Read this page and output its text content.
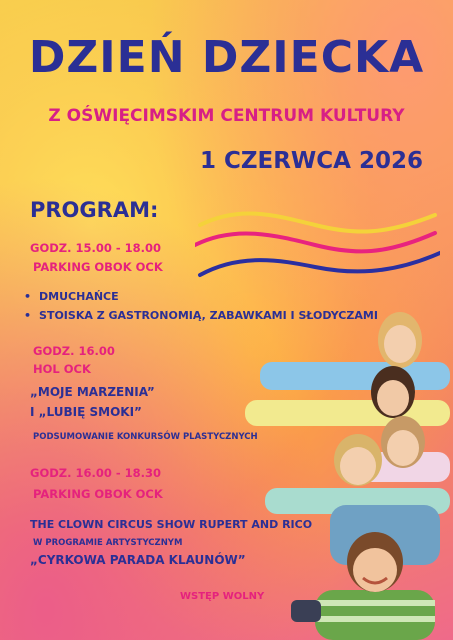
DZIEŃ DZIECKA
Z OŚWIĘCIMSKIM CENTRUM KULTURY
1 CZERWCA 2026
PROGRAM:
GODZ. 15.00 - 18.00
PARKING OBOK OCK
• DMUCHAŃCE
• STOISKA Z GASTRONOMIĄ, ZABAWKAMI I SŁODYCZAMI
GODZ. 16.00
HOL OCK
„MOJE MARZENIA”
I „LUBIĘ SMOKI”
PODSUMOWANIE KONKURSÓW PLASTYCZNYCH
GODZ. 16.00 - 18.30
PARKING OBOK OCK
THE CLOWN CIRCUS SHOW RUPERT AND RICO
W PROGRAMIE ARTYSTYCZNYM
„CYRKOWA PARADA KLAUNÓW”
WSTĘP WOLNY
